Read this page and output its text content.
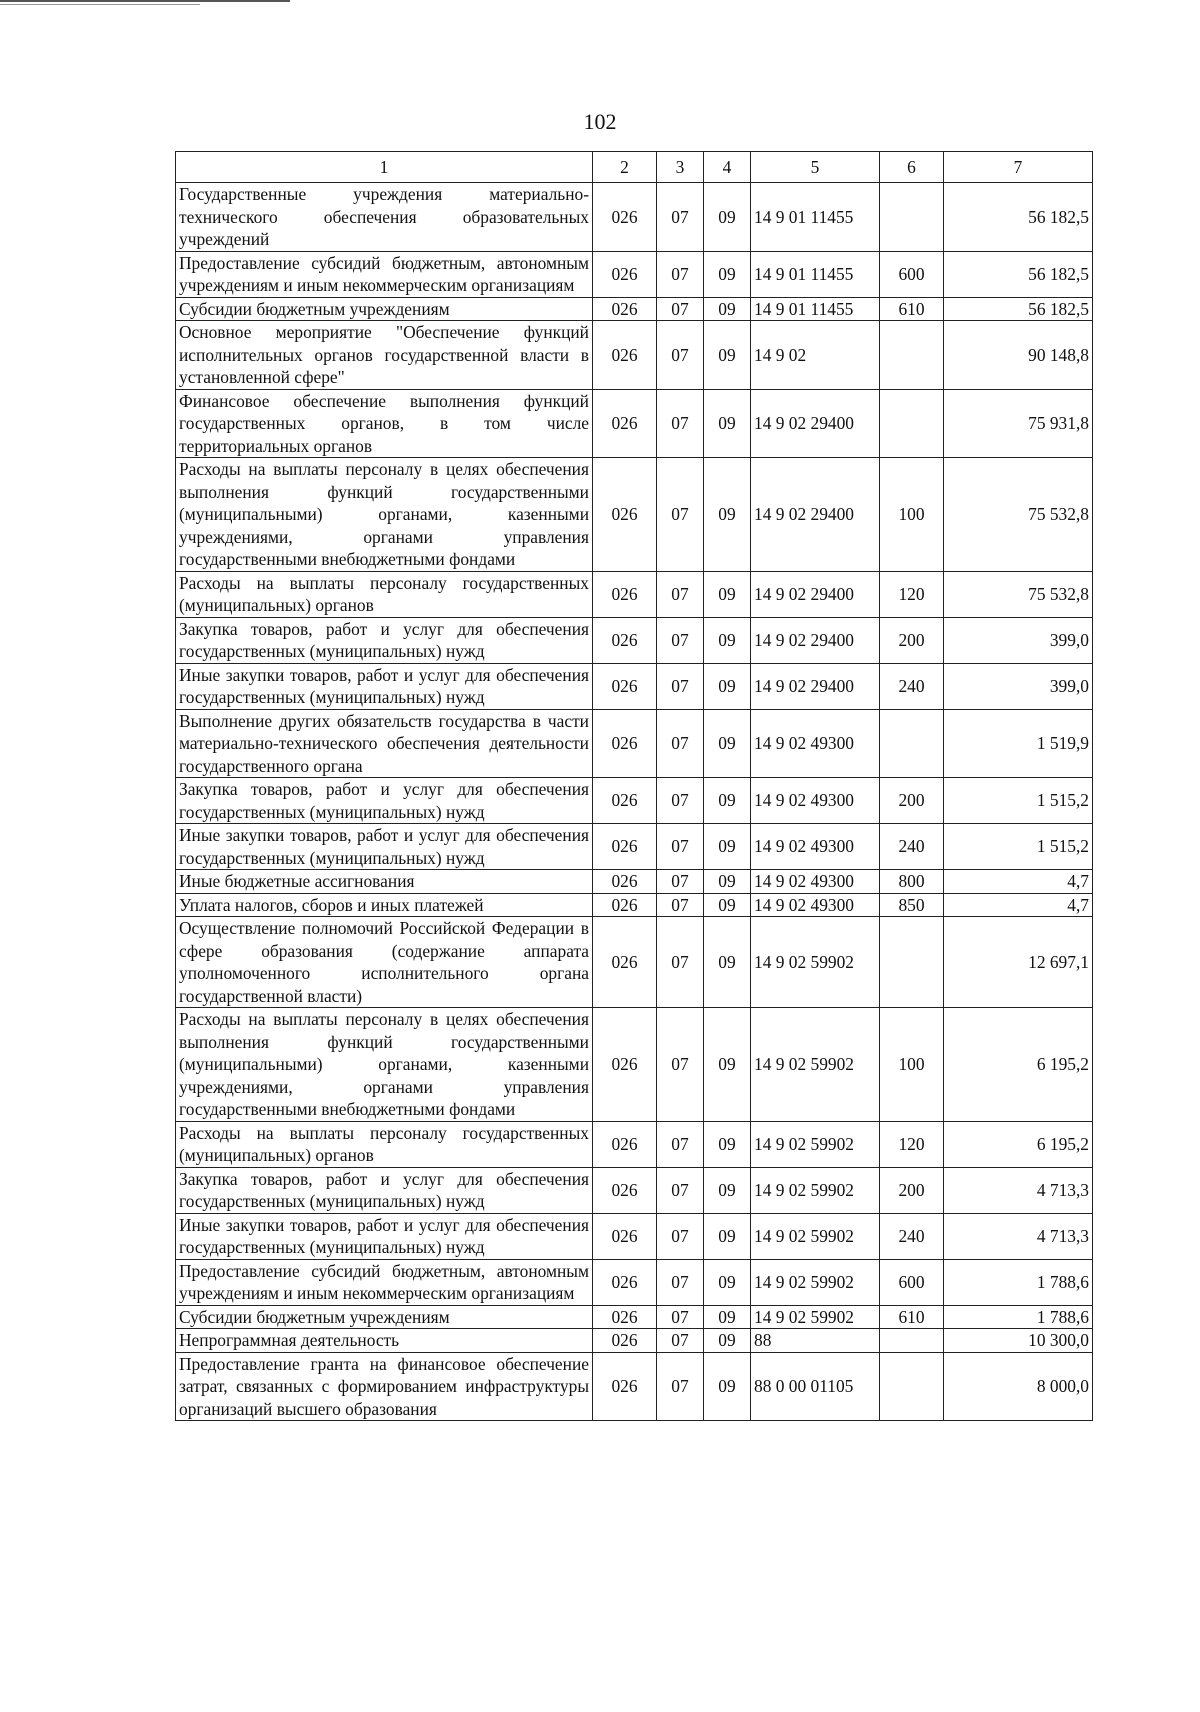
102
1	2	3	4	5	6	7
Государственные учреждения материально-технического обеспечения образовательных учреждений	026	07	09	14 9 01 11455		56 182,5
Предоставление субсидий бюджетным, автономным учреждениям и иным некоммерческим организациям	026	07	09	14 9 01 11455	600	56 182,5
Субсидии бюджетным учреждениям	026	07	09	14 9 01 11455	610	56 182,5
Основное мероприятие "Обеспечение функций исполнительных органов государственной власти в установленной сфере"	026	07	09	14 9 02		90 148,8
Финансовое обеспечение выполнения функций государственных органов, в том числе территориальных органов	026	07	09	14 9 02 29400		75 931,8
Расходы на выплаты персоналу в целях обеспечения выполнения функций государственными (муниципальными) органами, казенными учреждениями, органами управления государственными внебюджетными фондами	026	07	09	14 9 02 29400	100	75 532,8
Расходы на выплаты персоналу государственных (муниципальных) органов	026	07	09	14 9 02 29400	120	75 532,8
Закупка товаров, работ и услуг для обеспечения государственных (муниципальных) нужд	026	07	09	14 9 02 29400	200	399,0
Иные закупки товаров, работ и услуг для обеспечения государственных (муниципальных) нужд	026	07	09	14 9 02 29400	240	399,0
Выполнение других обязательств государства в части материально-технического обеспечения деятельности государственного органа	026	07	09	14 9 02 49300		1 519,9
Закупка товаров, работ и услуг для обеспечения государственных (муниципальных) нужд	026	07	09	14 9 02 49300	200	1 515,2
Иные закупки товаров, работ и услуг для обеспечения государственных (муниципальных) нужд	026	07	09	14 9 02 49300	240	1 515,2
Иные бюджетные ассигнования	026	07	09	14 9 02 49300	800	4,7
Уплата налогов, сборов и иных платежей	026	07	09	14 9 02 49300	850	4,7
Осуществление полномочий Российской Федерации в сфере образования (содержание аппарата уполномоченного исполнительного органа государственной власти)	026	07	09	14 9 02 59902		12 697,1
Расходы на выплаты персоналу в целях обеспечения выполнения функций государственными (муниципальными) органами, казенными учреждениями, органами управления государственными внебюджетными фондами	026	07	09	14 9 02 59902	100	6 195,2
Расходы на выплаты персоналу государственных (муниципальных) органов	026	07	09	14 9 02 59902	120	6 195,2
Закупка товаров, работ и услуг для обеспечения государственных (муниципальных) нужд	026	07	09	14 9 02 59902	200	4 713,3
Иные закупки товаров, работ и услуг для обеспечения государственных (муниципальных) нужд	026	07	09	14 9 02 59902	240	4 713,3
Предоставление субсидий бюджетным, автономным учреждениям и иным некоммерческим организациям	026	07	09	14 9 02 59902	600	1 788,6
Субсидии бюджетным учреждениям	026	07	09	14 9 02 59902	610	1 788,6
Непрограммная деятельность	026	07	09	88		10 300,0
Предоставление гранта на финансовое обеспечение затрат, связанных с формированием инфраструктуры организаций высшего образования	026	07	09	88 0 00 01105		8 000,0
